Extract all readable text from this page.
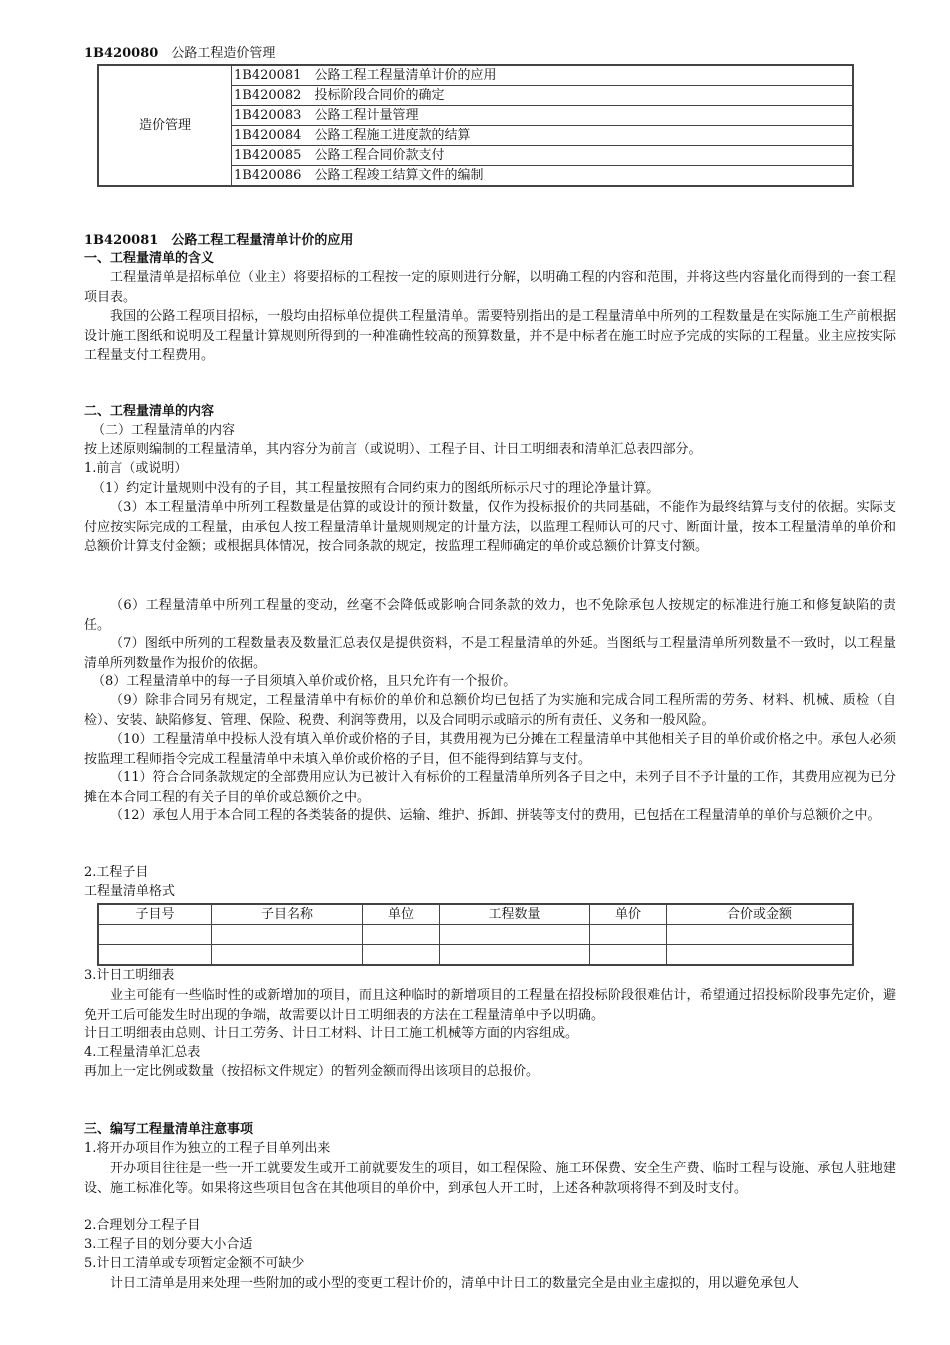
1B420080　 公路工程造价管理
造价管理	1B420081　公路工程工程量清单计价的应用
1B420082　投标阶段合同价的确定
1B420083　公路工程计量管理
1B420084　公路工程施工进度款的结算
1B420085　公路工程合同价款支付
1B420086　公路工程竣工结算文件的编制
1B420081　 公路工程工程量清单计价的应用
一、工程量清单的含义
工程量清单是招标单位（业主）将要招标的工程按一定的原则进行分解，以明确工程的内容和范围，并将这些内容量化而得到的一套工程项目表。
我国的公路工程项目招标，一般均由招标单位提供工程量清单。需要特别指出的是工程量清单中所列的工程数量是在实际施工生产前根据设计施工图纸和说明及工程量计算规则所得到的一种准确性较高的预算数量，并不是中标者在施工时应予完成的实际的工程量。业主应按实际工程量支付工程费用。
二、工程量清单的内容
（二）工程量清单的内容
按上述原则编制的工程量清单，其内容分为前言（或说明）、工程子目、计日工明细表和清单汇总表四部分。
1.前言（或说明）
（1）约定计量规则中没有的子目，其工程量按照有合同约束力的图纸所标示尺寸的理论净量计算。
（3）本工程量清单中所列工程数量是估算的或设计的预计数量，仅作为投标报价的共同基础，不能作为最终结算与支付的依据。实际支付应按实际完成的工程量，由承包人按工程量清单计量规则规定的计量方法，以监理工程师认可的尺寸、断面计量，按本工程量清单的单价和总额价计算支付金额；或根据具体情况，按合同条款的规定，按监理工程师确定的单价或总额价计算支付额。
（6）工程量清单中所列工程量的变动，丝毫不会降低或影响合同条款的效力，也不免除承包人按规定的标准进行施工和修复缺陷的责任。
（7）图纸中所列的工程数量表及数量汇总表仅是提供资料，不是工程量清单的外延。当图纸与工程量清单所列数量不一致时，以工程量清单所列数量作为报价的依据。
（8）工程量清单中的每一子目须填入单价或价格，且只允许有一个报价。
（9）除非合同另有规定，工程量清单中有标价的单价和总额价均已包括了为实施和完成合同工程所需的劳务、材料、机械、质检（自检）、安装、缺陷修复、管理、保险、税费、利润等费用，以及合同明示或暗示的所有责任、义务和一般风险。
（10）工程量清单中投标人没有填入单价或价格的子目，其费用视为已分摊在工程量清单中其他相关子目的单价或价格之中。承包人必须按监理工程师指令完成工程量清单中未填入单价或价格的子目，但不能得到结算与支付。
（11）符合合同条款规定的全部费用应认为已被计入有标价的工程量清单所列各子目之中，未列子目不予计量的工作，其费用应视为已分摊在本合同工程的有关子目的单价或总额价之中。
（12）承包人用于本合同工程的各类装备的提供、运输、维护、拆卸、拼装等支付的费用，已包括在工程量清单的单价与总额价之中。
2.工程子目
工程量清单格式
子目号	子目名称	单位	工程数量	单价	合价或金额

3.计日工明细表
业主可能有一些临时性的或新增加的项目，而且这种临时的新增项目的工程量在招投标阶段很难估计，希望通过招投标阶段事先定价，避免开工后可能发生时出现的争端，故需要以计日工明细表的方法在工程量清单中予以明确。
计日工明细表由总则、计日工劳务、计日工材料、计日工施工机械等方面的内容组成。
4.工程量清单汇总表
再加上一定比例或数量（按招标文件规定）的暂列金额而得出该项目的总报价。
三、编写工程量清单注意事项
1.将开办项目作为独立的工程子目单列出来
开办项目往往是一些一开工就要发生或开工前就要发生的项目，如工程保险、施工环保费、安全生产费、临时工程与设施、承包人驻地建设、施工标准化等。如果将这些项目包含在其他项目的单价中，到承包人开工时，上述各种款项将得不到及时支付。
2.合理划分工程子目
3.工程子目的划分要大小合适
5.计日工清单或专项暂定金额不可缺少
计日工清单是用来处理一些附加的或小型的变更工程计价的，清单中计日工的数量完全是由业主虚拟的，用以避免承包人
